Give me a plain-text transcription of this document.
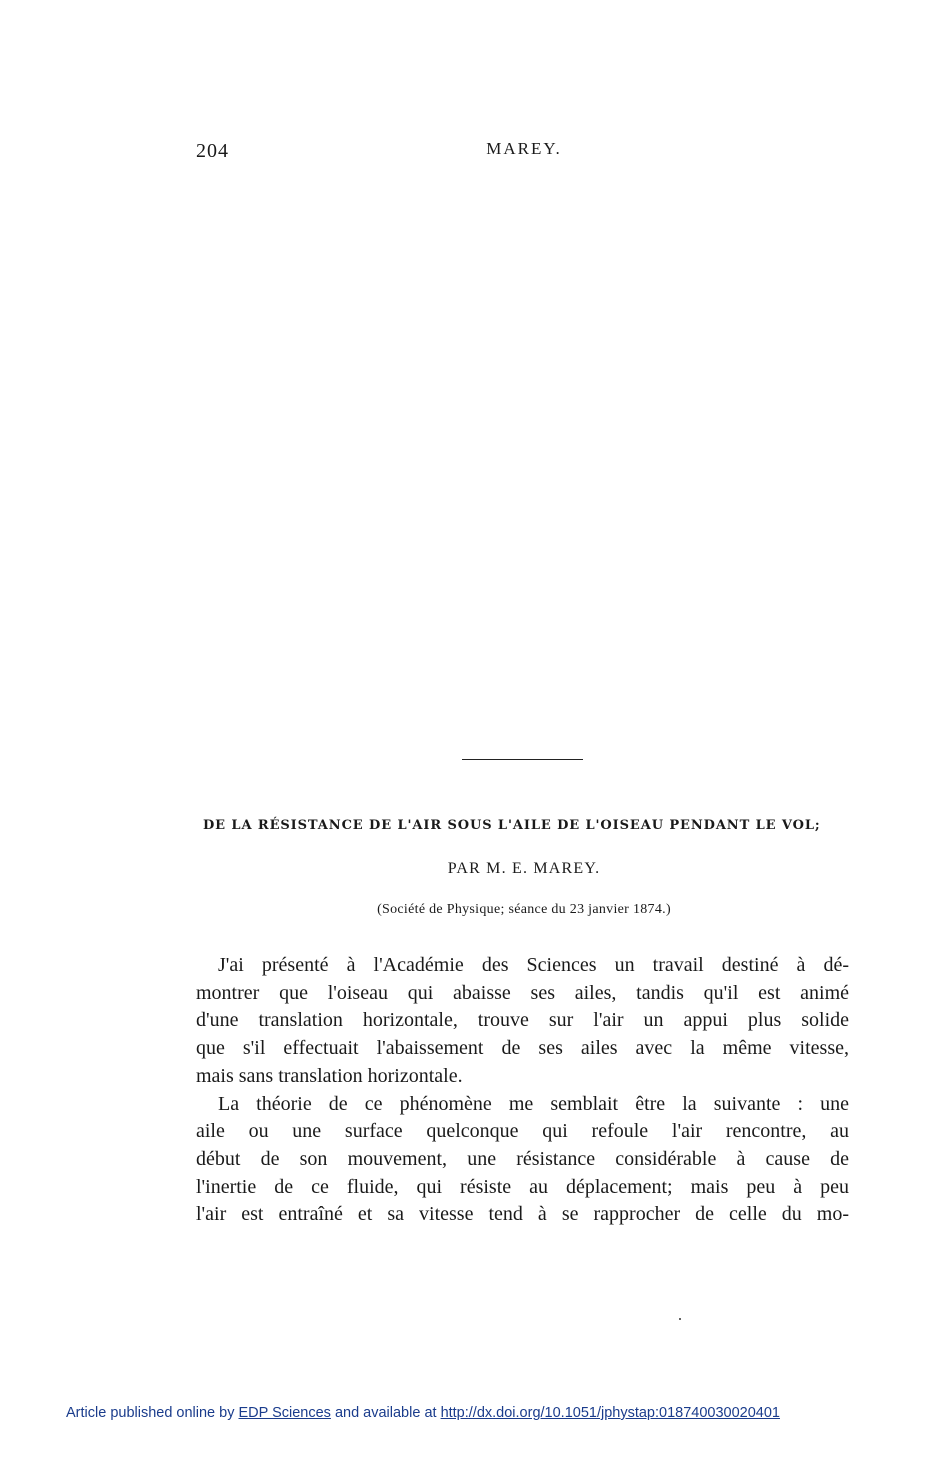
204	MAREY.
DE LA RÉSISTANCE DE L'AIR SOUS L'AILE DE L'OISEAU PENDANT LE VOL;
PAR M. E. MAREY.
(Société de Physique; séance du 23 janvier 1874.)

J'ai présenté à l'Académie des Sciences un travail destiné à dé-
montrer que l'oiseau qui abaisse ses ailes, tandis qu'il est animé
d'une translation horizontale, trouve sur l'air un appui plus solide
que s'il effectuait l'abaissement de ses ailes avec la même vitesse,
mais sans translation horizontale.

La théorie de ce phénomène me semblait être la suivante : une
aile ou une surface quelconque qui refoule l'air rencontre, au
début de son mouvement, une résistance considérable à cause de
l'inertie de ce fluide, qui résiste au déplacement; mais peu à peu
l'air est entraîné et sa vitesse tend à se rapprocher de celle du mo-

Article published online by EDP Sciences and available at http://dx.doi.org/10.1051/jphystap:018740030020401
